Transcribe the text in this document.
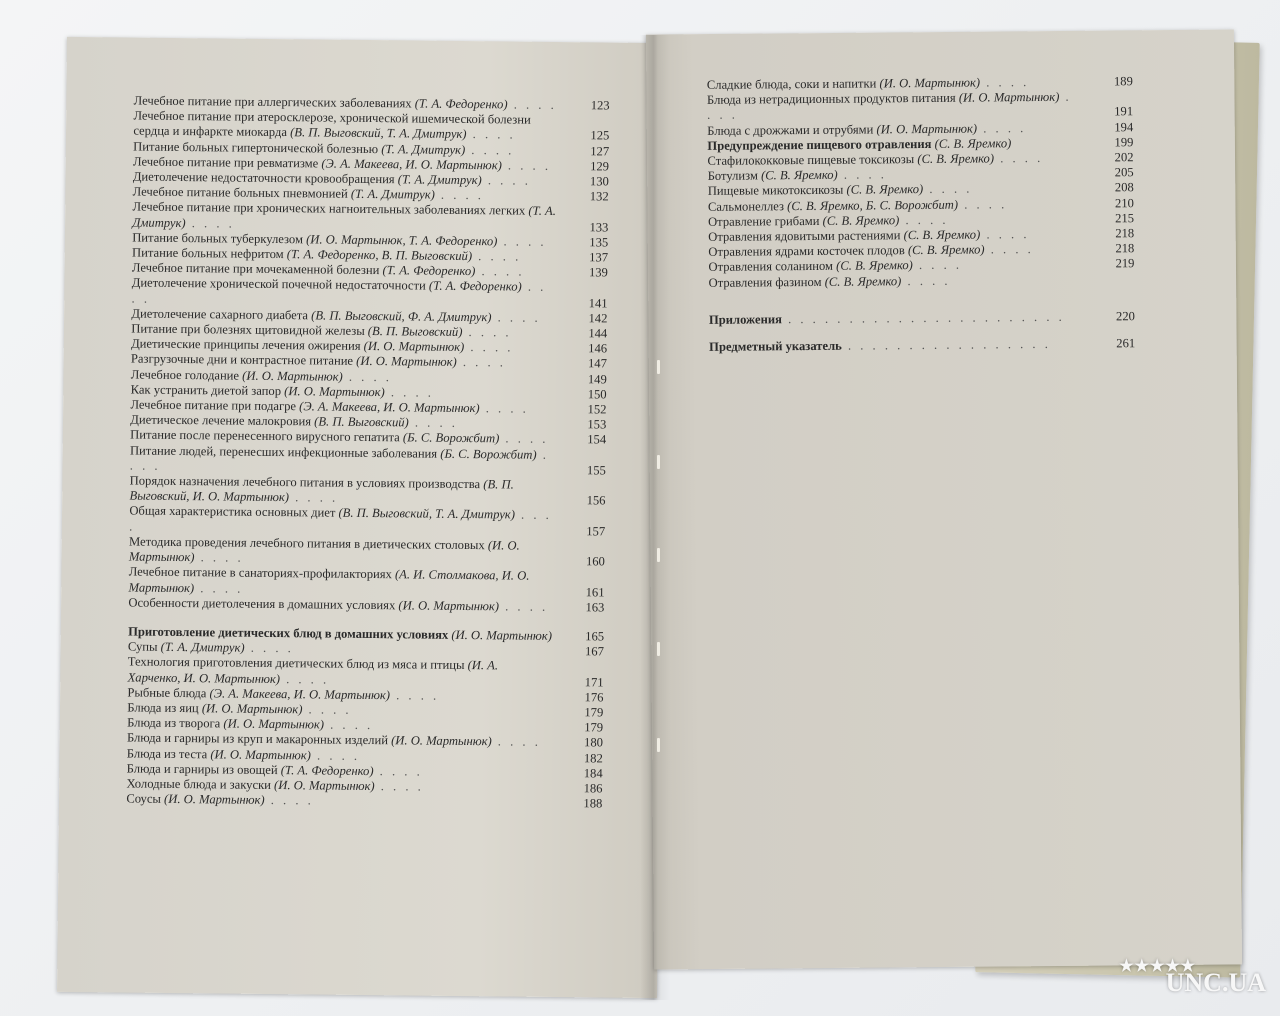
Лечебное питание при аллергических заболеваниях (Т. А. Федоренко) . . . .	123
Лечебное питание при атеросклерозе, хронической ишемической болезни сердца и инфаркте миокарда (В. П. Выговский, Т. А. Дмитрук) . . . .	125
Питание больных гипертонической болезнью (Т. А. Дмитрук) . . . .	127
Лечебное питание при ревматизме (Э. А. Макеева, И. О. Мартынюк) . . . .	129
Диетолечение недостаточности кровообращения (Т. А. Дмитрук) . . . .	130
Лечебное питание больных пневмонией (Т. А. Дмитрук) . . . .	132
Лечебное питание при хронических нагноительных заболеваниях легких (Т. А. Дмитрук) . . . .	133
Питание больных туберкулезом (И. О. Мартынюк, Т. А. Федоренко) . . . .	135
Питание больных нефритом (Т. А. Федоренко, В. П. Выговский) . . . .	137
Лечебное питание при мочекаменной болезни (Т. А. Федоренко) . . . .	139
Диетолечение хронической почечной недостаточности (Т. А. Федоренко) . . . .	141
Диетолечение сахарного диабета (В. П. Выговский, Ф. А. Дмитрук) . . . .	142
Питание при болезнях щитовидной железы (В. П. Выговский) . . . .	144
Диетические принципы лечения ожирения (И. О. Мартынюк) . . . .	146
Разгрузочные дни и контрастное питание (И. О. Мартынюк) . . . .	147
Лечебное голодание (И. О. Мартынюк) . . . .	149
Как устранить диетой запор (И. О. Мартынюк) . . . .	150
Лечебное питание при подагре (Э. А. Макеева, И. О. Мартынюк) . . . .	152
Диетическое лечение малокровия (В. П. Выговский) . . . .	153
Питание после перенесенного вирусного гепатита (Б. С. Ворожбит) . . . .	154
Питание людей, перенесших инфекционные заболевания (Б. С. Ворожбит) . . . .	155
Порядок назначения лечебного питания в условиях производства (В. П. Выговский, И. О. Мартынюк) . . . .	156
Общая характеристика основных диет (В. П. Выговский, Т. А. Дмитрук) . . . .	157
Методика проведения лечебного питания в диетических столовых (И. О. Мартынюк) . . . .	160
Лечебное питание в санаториях-профилакториях (А. И. Столмакова, И. О. Мартынюк) . . . .	161
Особенности диетолечения в домашних условиях (И. О. Мартынюк) . . . .	163
Приготовление диетических блюд в домашних условиях (И. О. Мартынюк)	165
Супы (Т. А. Дмитрук) . . . .	167
Технология приготовления диетических блюд из мяса и птицы (И. А. Харченко, И. О. Мартынюк) . . . .	171
Рыбные блюда (Э. А. Макеева, И. О. Мартынюк) . . . .	176
Блюда из яиц (И. О. Мартынюк) . . . .	179
Блюда из творога (И. О. Мартынюк) . . . .	179
Блюда и гарниры из круп и макаронных изделий (И. О. Мартынюк) . . . .	180
Блюда из теста (И. О. Мартынюк) . . . .	182
Блюда и гарниры из овощей (Т. А. Федоренко) . . . .	184
Холодные блюда и закуски (И. О. Мартынюк) . . . .	186
Соусы (И. О. Мартынюк) . . . .	188
Сладкие блюда, соки и напитки (И. О. Мартынюк) . . . .	189
Блюда из нетрадиционных продуктов питания (И. О. Мартынюк) . . . .	191
Блюда с дрожжами и отрубями (И. О. Мартынюк) . . . .	194
Предупреждение пищевого отравления (С. В. Яремко)	199
Стафилококковые пищевые токсикозы (С. В. Яремко) . . . .	202
Ботулизм (С. В. Яремко) . . . .	205
Пищевые микотоксикозы (С. В. Яремко) . . . .	208
Сальмонеллез (С. В. Яремко, Б. С. Ворожбит) . . . .	210
Отравление грибами (С. В. Яремко) . . . .	215
Отравления ядовитыми растениями (С. В. Яремко) . . . .	218
Отравления ядрами косточек плодов (С. В. Яремко) . . . .	218
Отравления соланином (С. В. Яремко) . . . .	219
Отравления фазином (С. В. Яремко) . . . .
Приложения . . . . . . . . . . . . . . . . . . . . . . .	220
Предметный указатель . . . . . . . . . . . . . . . . .	261
★★★★★
UNC.UA
